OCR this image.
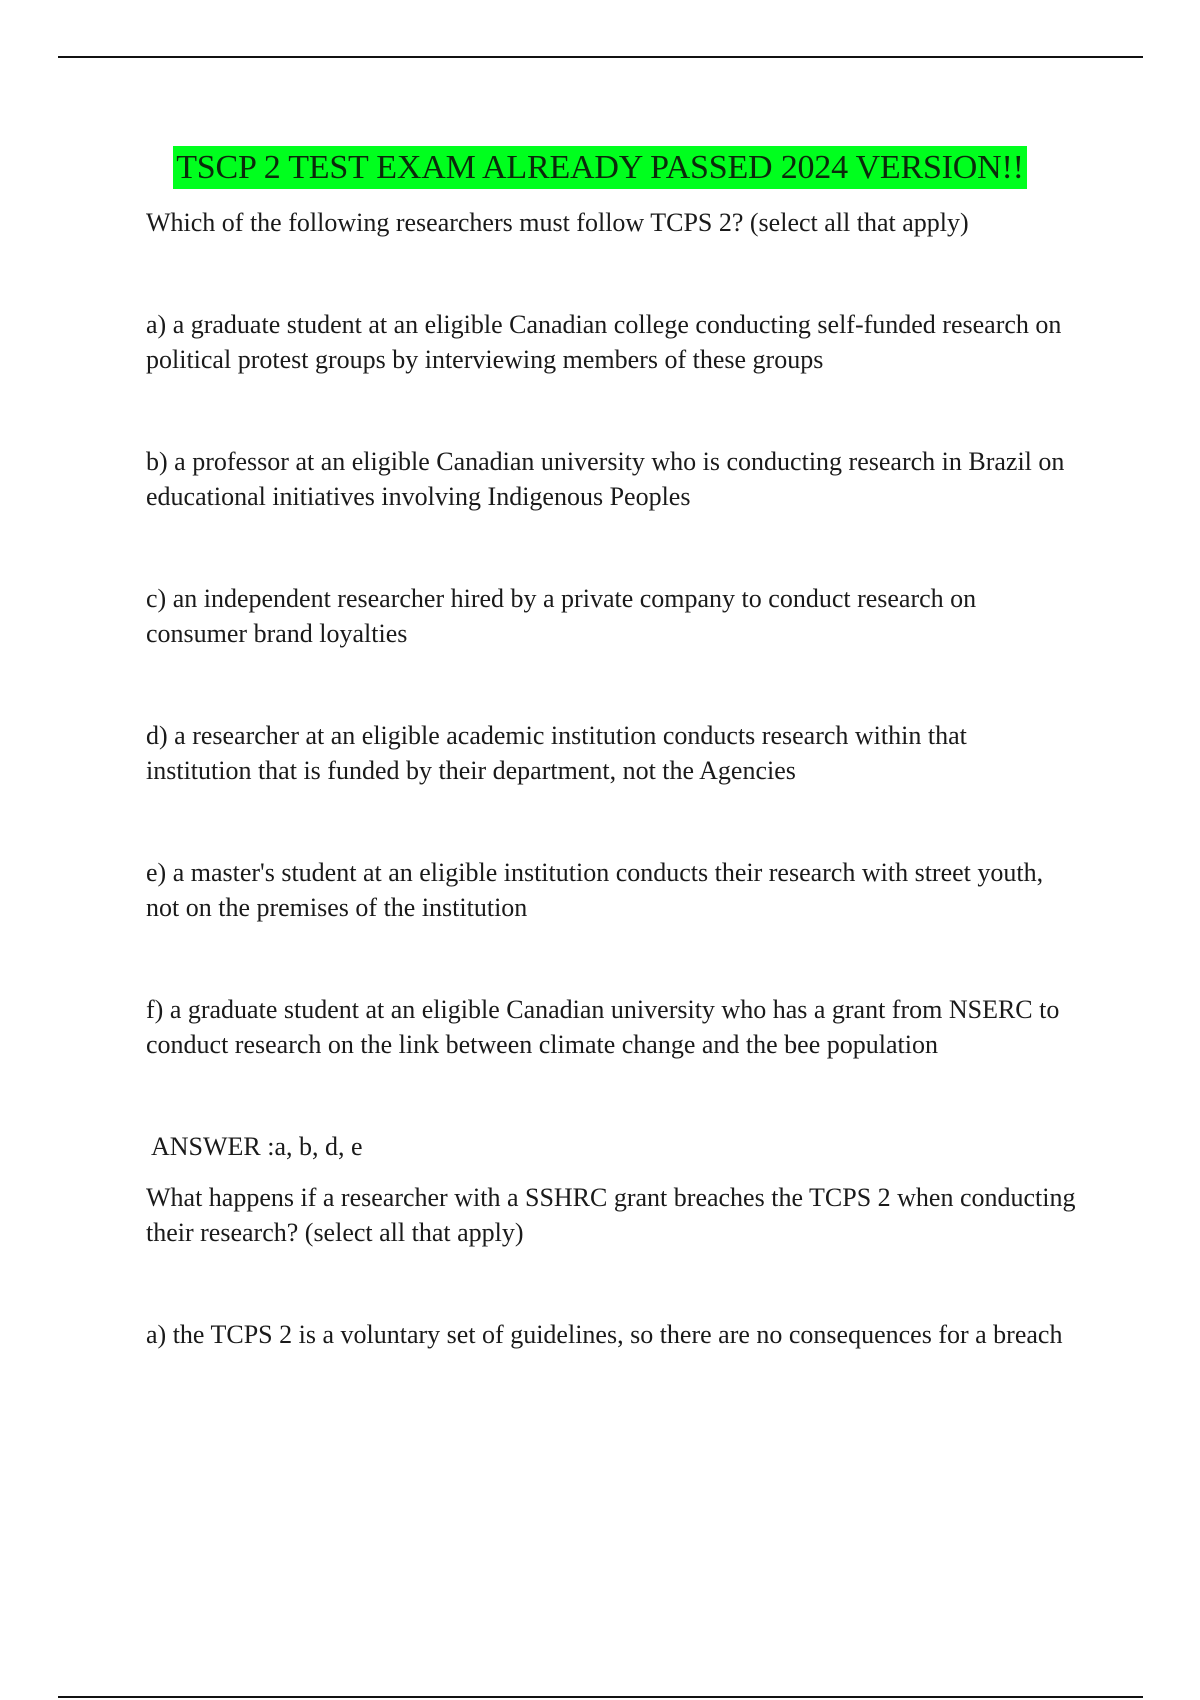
TSCP 2 TEST EXAM ALREADY PASSED 2024 VERSION!!

Which of the following researchers must follow TCPS 2? (select all that apply)

a) a graduate student at an eligible Canadian college conducting self-funded research on political protest groups by interviewing members of these groups

b) a professor at an eligible Canadian university who is conducting research in Brazil on educational initiatives involving Indigenous Peoples

c) an independent researcher hired by a private company to conduct research on consumer brand loyalties

d) a researcher at an eligible academic institution conducts research within that institution that is funded by their department, not the Agencies

e) a master's student at an eligible institution conducts their research with street youth, not on the premises of the institution

f) a graduate student at an eligible Canadian university who has a grant from NSERC to conduct research on the link between climate change and the bee population

ANSWER :a, b, d, e

What happens if a researcher with a SSHRC grant breaches the TCPS 2 when conducting their research? (select all that apply)

a) the TCPS 2 is a voluntary set of guidelines, so there are no consequences for a breach
